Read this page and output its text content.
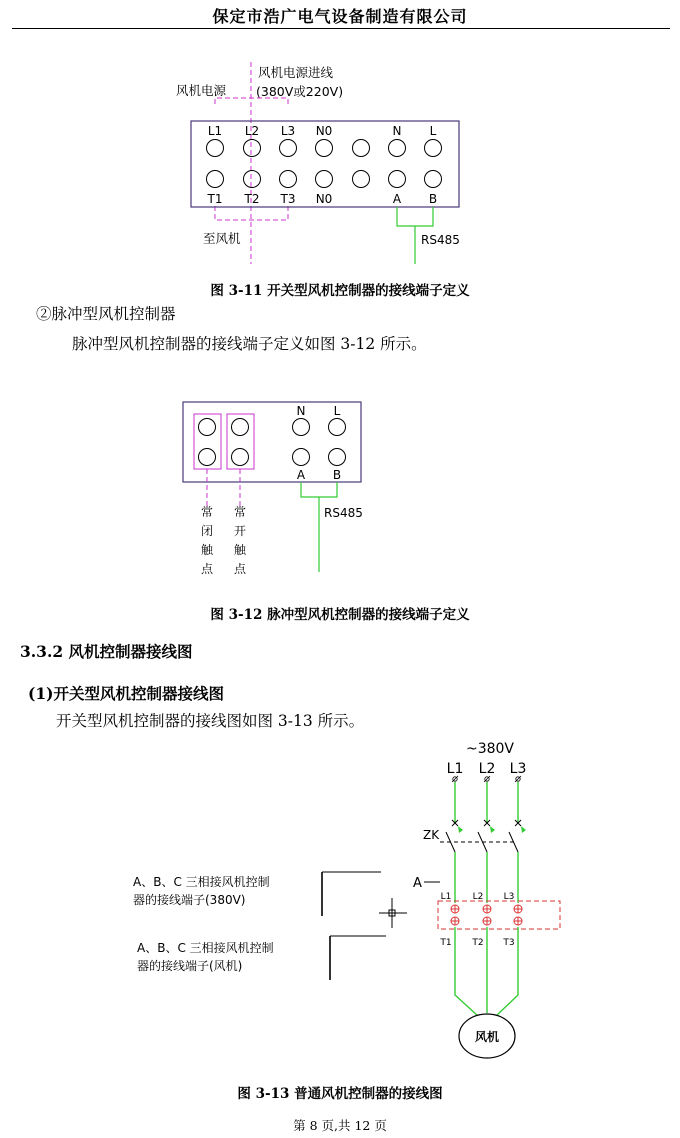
保定市浩广电气设备制造有限公司
风机电源
风机电源进线
(380V或220V)
L1 L2 L3 N0	N L
T1 T2 T3 N0	A B
至风机	RS485
图 3-11 开关型风机控制器的接线端子定义
②脉冲型风机控制器
脉冲型风机控制器的接线端子定义如图 3-12 所示。
N L
A B
常
闭
触
点
常
开
触
点
RS485
图 3-12 脉冲型风机控制器的接线端子定义
3.3.2 风机控制器接线图
(1)开关型风机控制器接线图
开关型风机控制器的接线图如图 3-13 所示。
~380V
L1 L2 L3
ZK
A
L1 L2 L3
T1 T2 T3
风机
A、B、C 三相接风机控制
器的接线端子(380V)
A、B、C 三相接风机控制
器的接线端子(风机)
图 3-13 普通风机控制器的接线图
第 8 页,共 12 页
